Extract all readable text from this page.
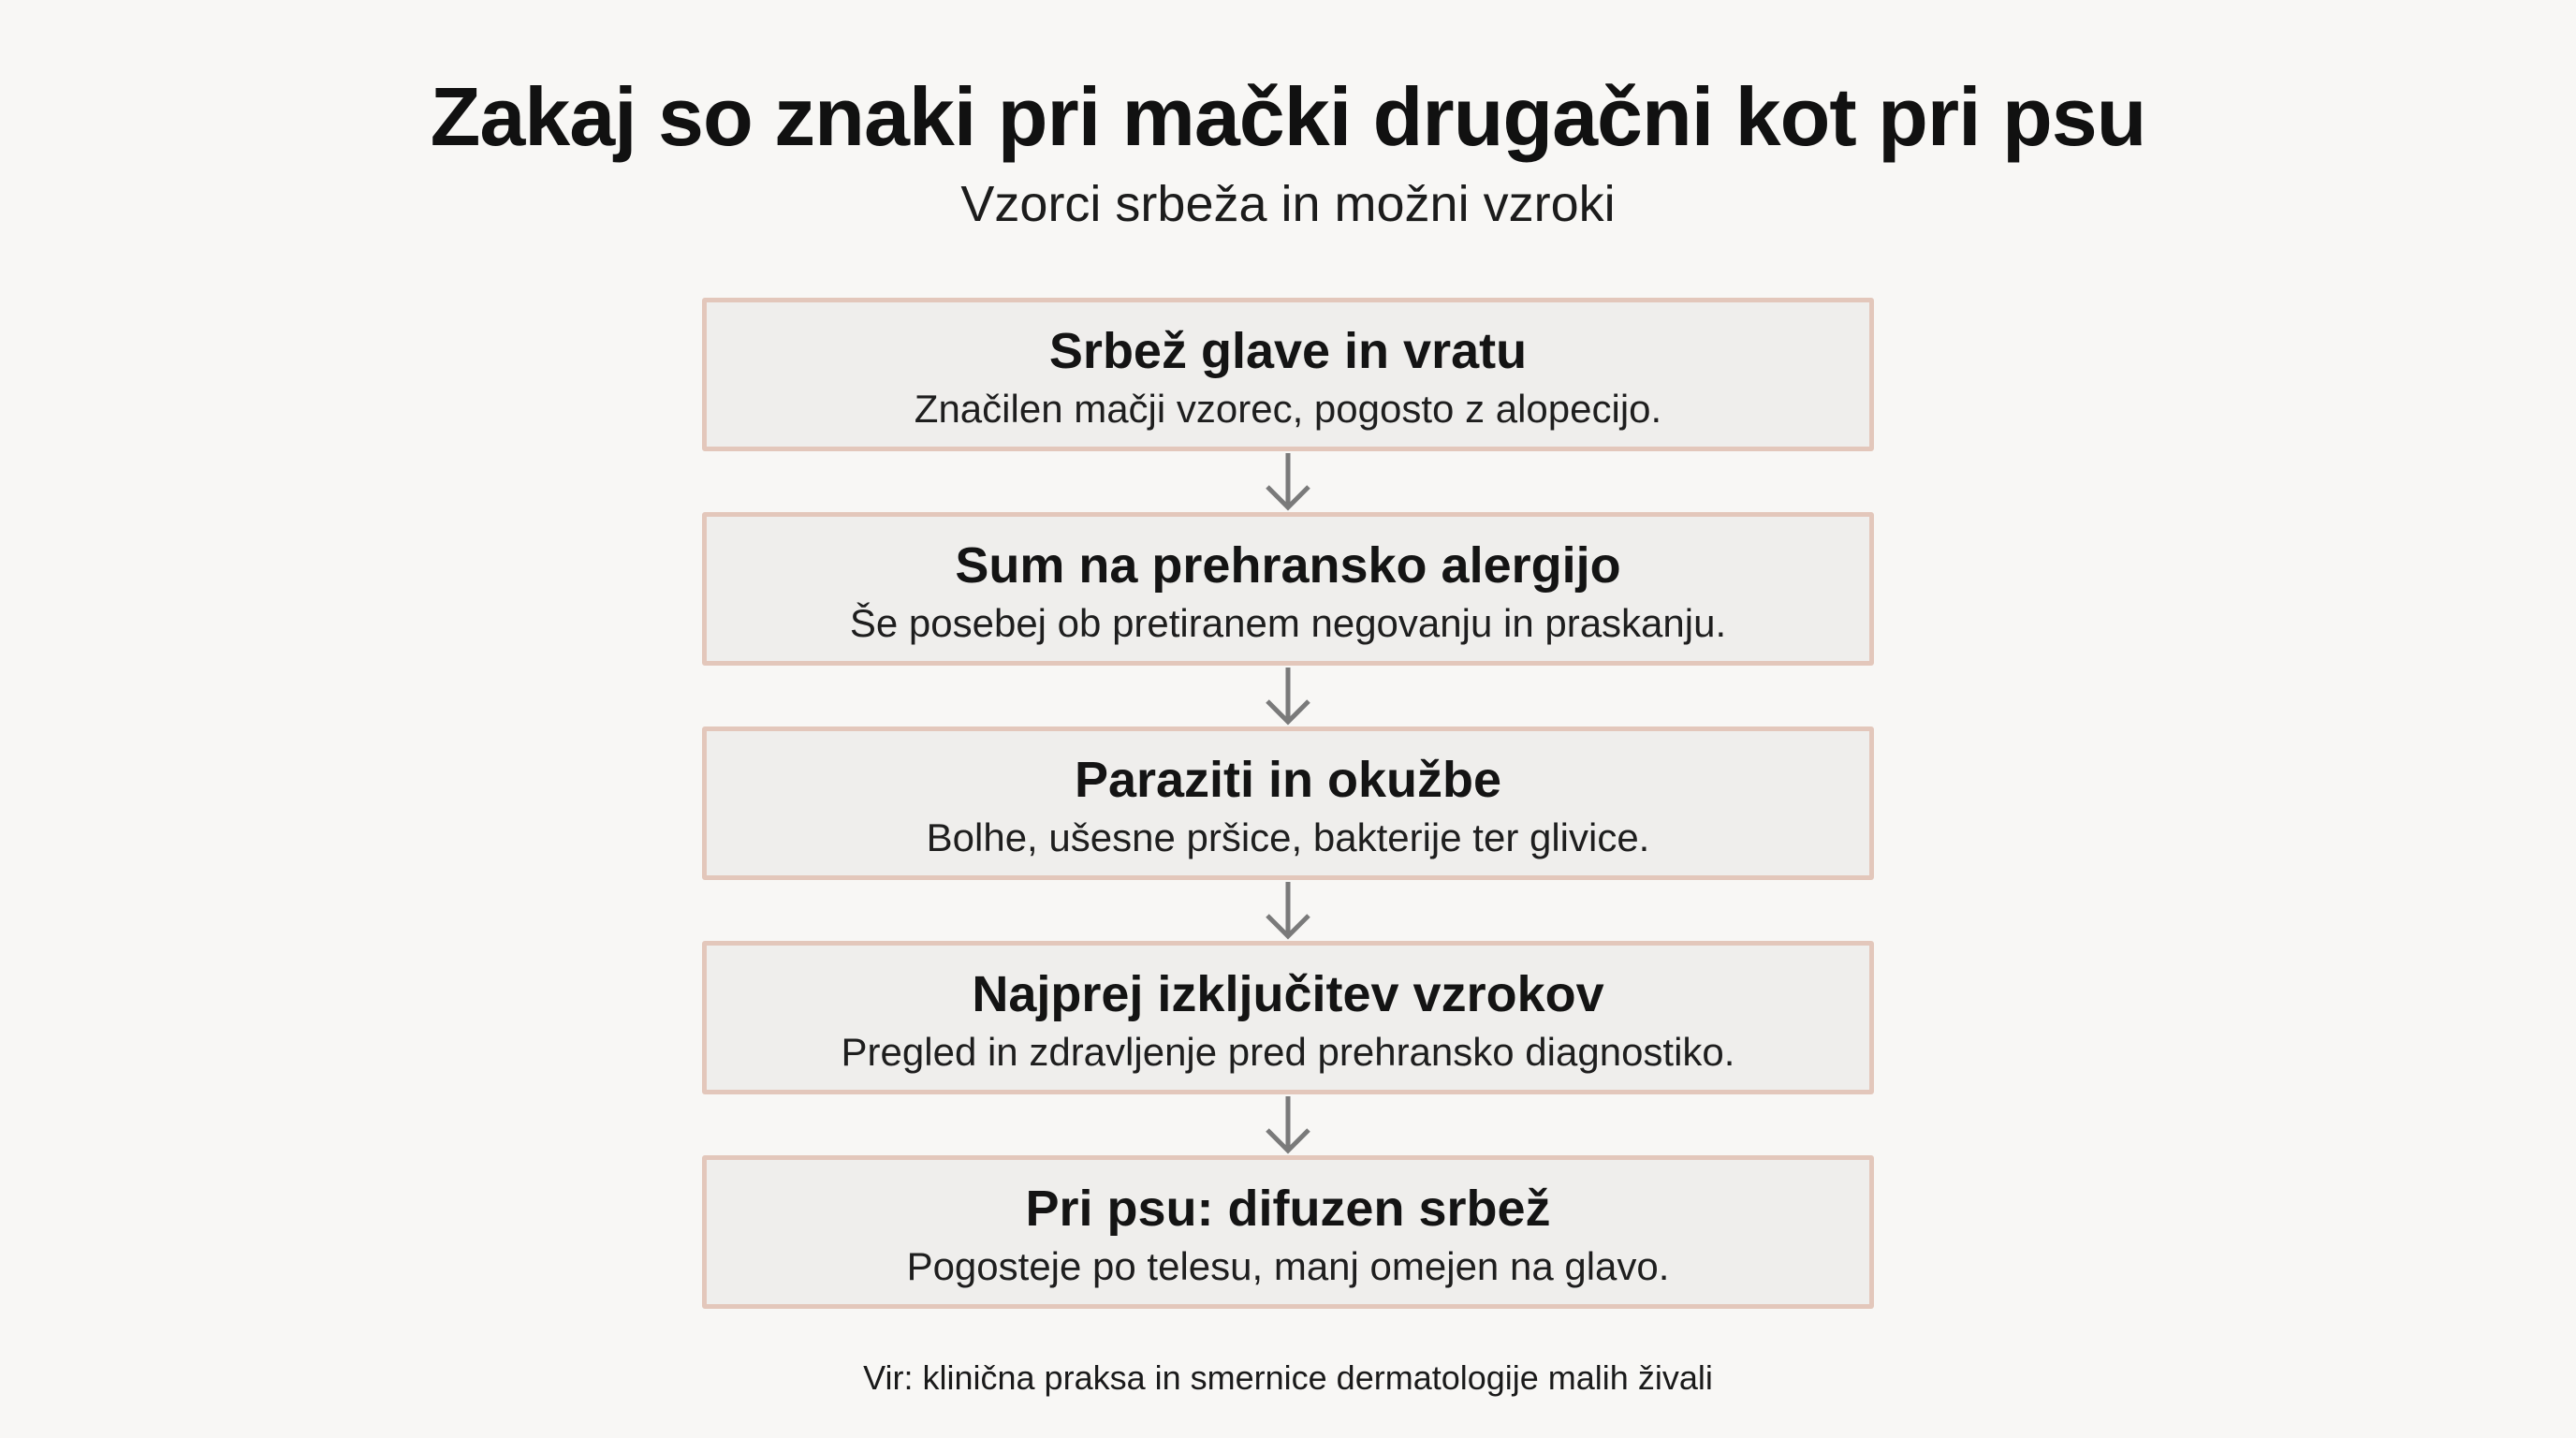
Zakaj so znaki pri mački drugačni kot pri psu
Vzorci srbeža in možni vzroki
Srbež glave in vratu
Značilen mačji vzorec, pogosto z alopecijo.
Sum na prehransko alergijo
Še posebej ob pretiranem negovanju in praskanju.
Paraziti in okužbe
Bolhe, ušesne pršice, bakterije ter glivice.
Najprej izključitev vzrokov
Pregled in zdravljenje pred prehransko diagnostiko.
Pri psu: difuzen srbež
Pogosteje po telesu, manj omejen na glavo.
Vir: klinična praksa in smernice dermatologije malih živali
